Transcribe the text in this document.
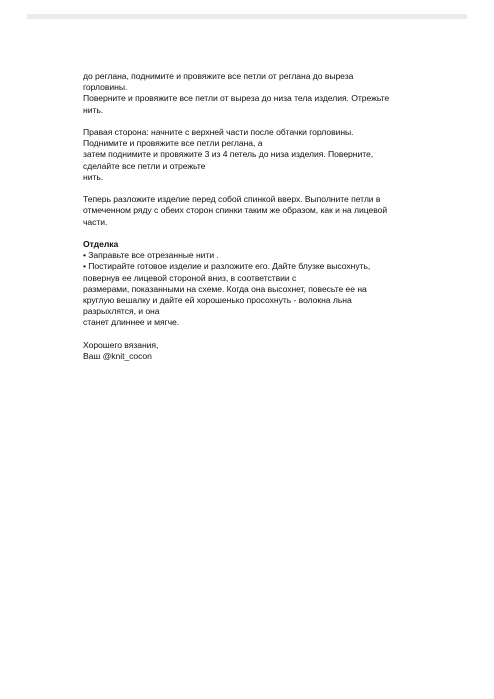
до реглана, поднимите и провяжите все петли от реглана до выреза
горловины.
Поверните и провяжите все петли от выреза до низа тела изделия. Отрежьте
нить.
Правая сторона: начните с верхней части после обтачки горловины.
Поднимите и провяжите все петли реглана, а
затем поднимите и провяжите 3 из 4 петель до низа изделия. Поверните,
сделайте все петли и отрежьте
нить.
Теперь разложите изделие перед собой спинкой вверх. Выполните петли в
отмеченном ряду с обеих сторон спинки таким же образом, как и на лицевой
части.
Отделка
• Заправьте все отрезанные нити .
• Постирайте готовое изделие и разложите его. Дайте блузке высохнуть,
повернув ее лицевой стороной вниз, в соответствии с
размерами, показанными на схеме. Когда она высохнет, повесьте ее на
круглую вешалку и дайте ей хорошенько просохнуть - волокна льна
разрыхлятся, и она
станет длиннее и мягче.
Хорошего вязания,
Ваш @knit_cocon
